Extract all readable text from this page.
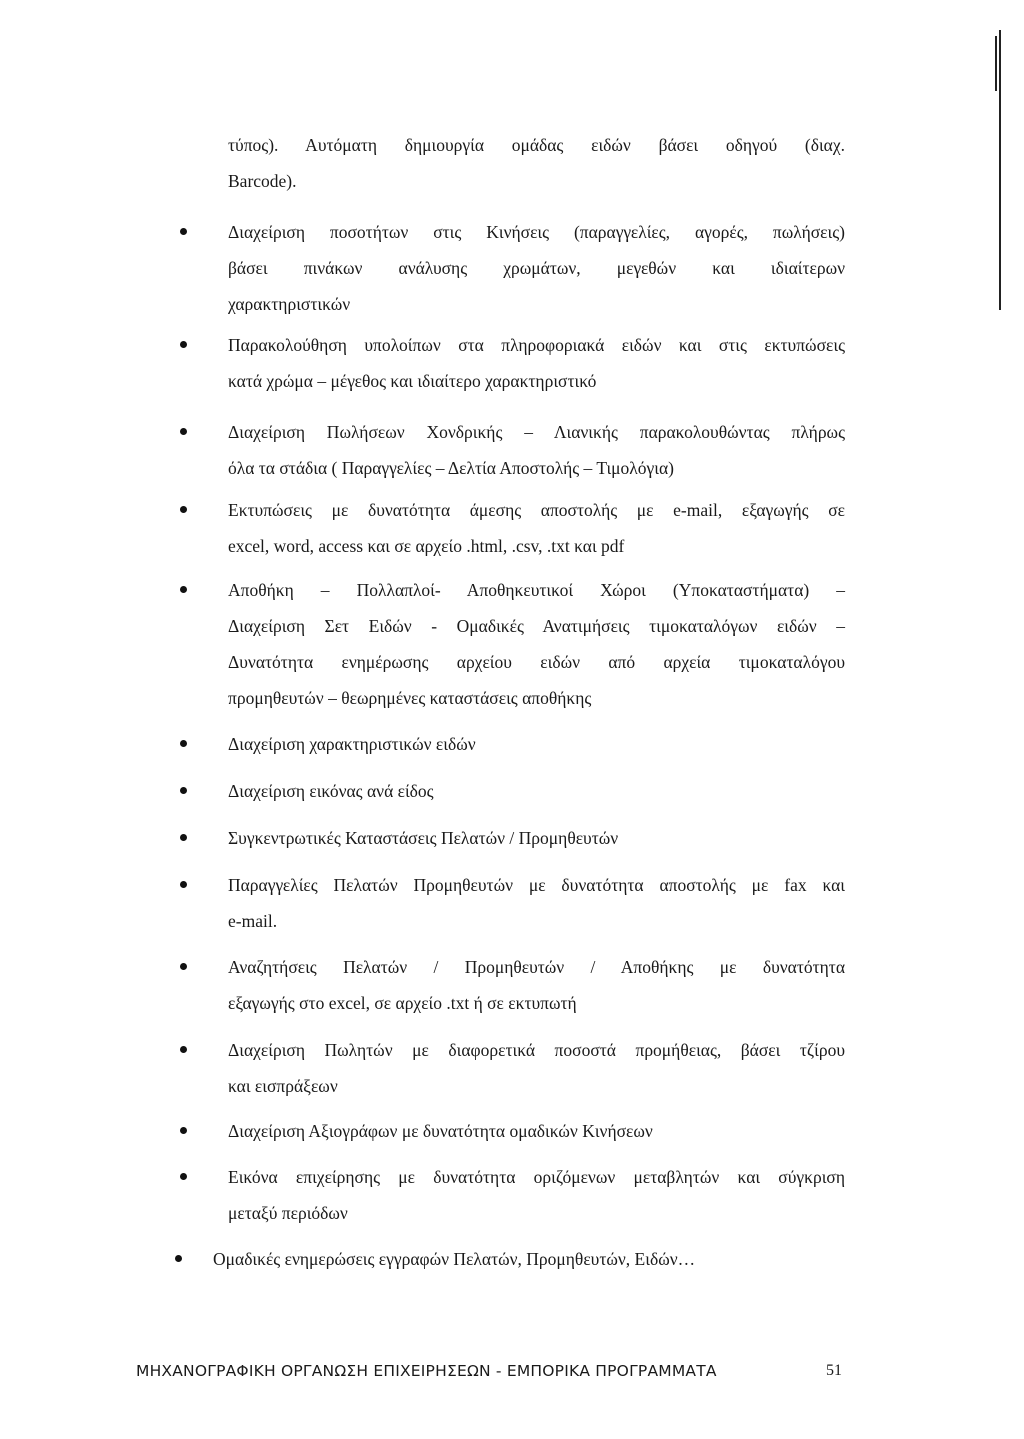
τύπος). Αυτόματη δημιουργία ομάδας ειδών βάσει οδηγού (διαχ.
Barcode).
Διαχείριση ποσοτήτων στις Κινήσεις (παραγγελίες, αγορές, πωλήσεις)
βάσει πινάκων ανάλυσης χρωμάτων, μεγεθών και ιδιαίτερων
χαρακτηριστικών
Παρακολούθηση υπολοίπων στα πληροφοριακά ειδών και στις εκτυπώσεις
κατά χρώμα – μέγεθος και ιδιαίτερο χαρακτηριστικό
Διαχείριση Πωλήσεων Χονδρικής – Λιανικής παρακολουθώντας πλήρως
όλα τα στάδια ( Παραγγελίες – Δελτία Αποστολής – Τιμολόγια)
Εκτυπώσεις με δυνατότητα άμεσης αποστολής με e-mail, εξαγωγής σε
excel, word, access και σε αρχείο .html, .csv, .txt και pdf
Αποθήκη – Πολλαπλοί- Αποθηκευτικοί Χώροι (Υποκαταστήματα) –
Διαχείριση Σετ Ειδών - Ομαδικές Ανατιμήσεις τιμοκαταλόγων ειδών –
Δυνατότητα ενημέρωσης αρχείου ειδών από αρχεία τιμοκαταλόγου
προμηθευτών – θεωρημένες καταστάσεις αποθήκης
Διαχείριση χαρακτηριστικών ειδών
Διαχείριση εικόνας ανά είδος
Συγκεντρωτικές Καταστάσεις Πελατών / Προμηθευτών
Παραγγελίες Πελατών Προμηθευτών με δυνατότητα αποστολής με fax και
e-mail.
Αναζητήσεις Πελατών / Προμηθευτών / Αποθήκης με δυνατότητα
εξαγωγής στο excel, σε αρχείο .txt ή σε εκτυπωτή
Διαχείριση Πωλητών με διαφορετικά ποσοστά προμήθειας, βάσει τζίρου
και εισπράξεων
Διαχείριση Αξιογράφων με δυνατότητα ομαδικών Κινήσεων
Εικόνα επιχείρησης με δυνατότητα οριζόμενων μεταβλητών και σύγκριση
μεταξύ περιόδων
Ομαδικές ενημερώσεις εγγραφών Πελατών, Προμηθευτών, Ειδών…
ΜΗΧΑΝΟΓΡΑΦΙΚΗ ΟΡΓΑΝΩΣΗ ΕΠΙΧΕΙΡΗΣΕΩΝ - ΕΜΠΟΡΙΚΑ ΠΡΟΓΡΑΜΜΑΤΑ	51
